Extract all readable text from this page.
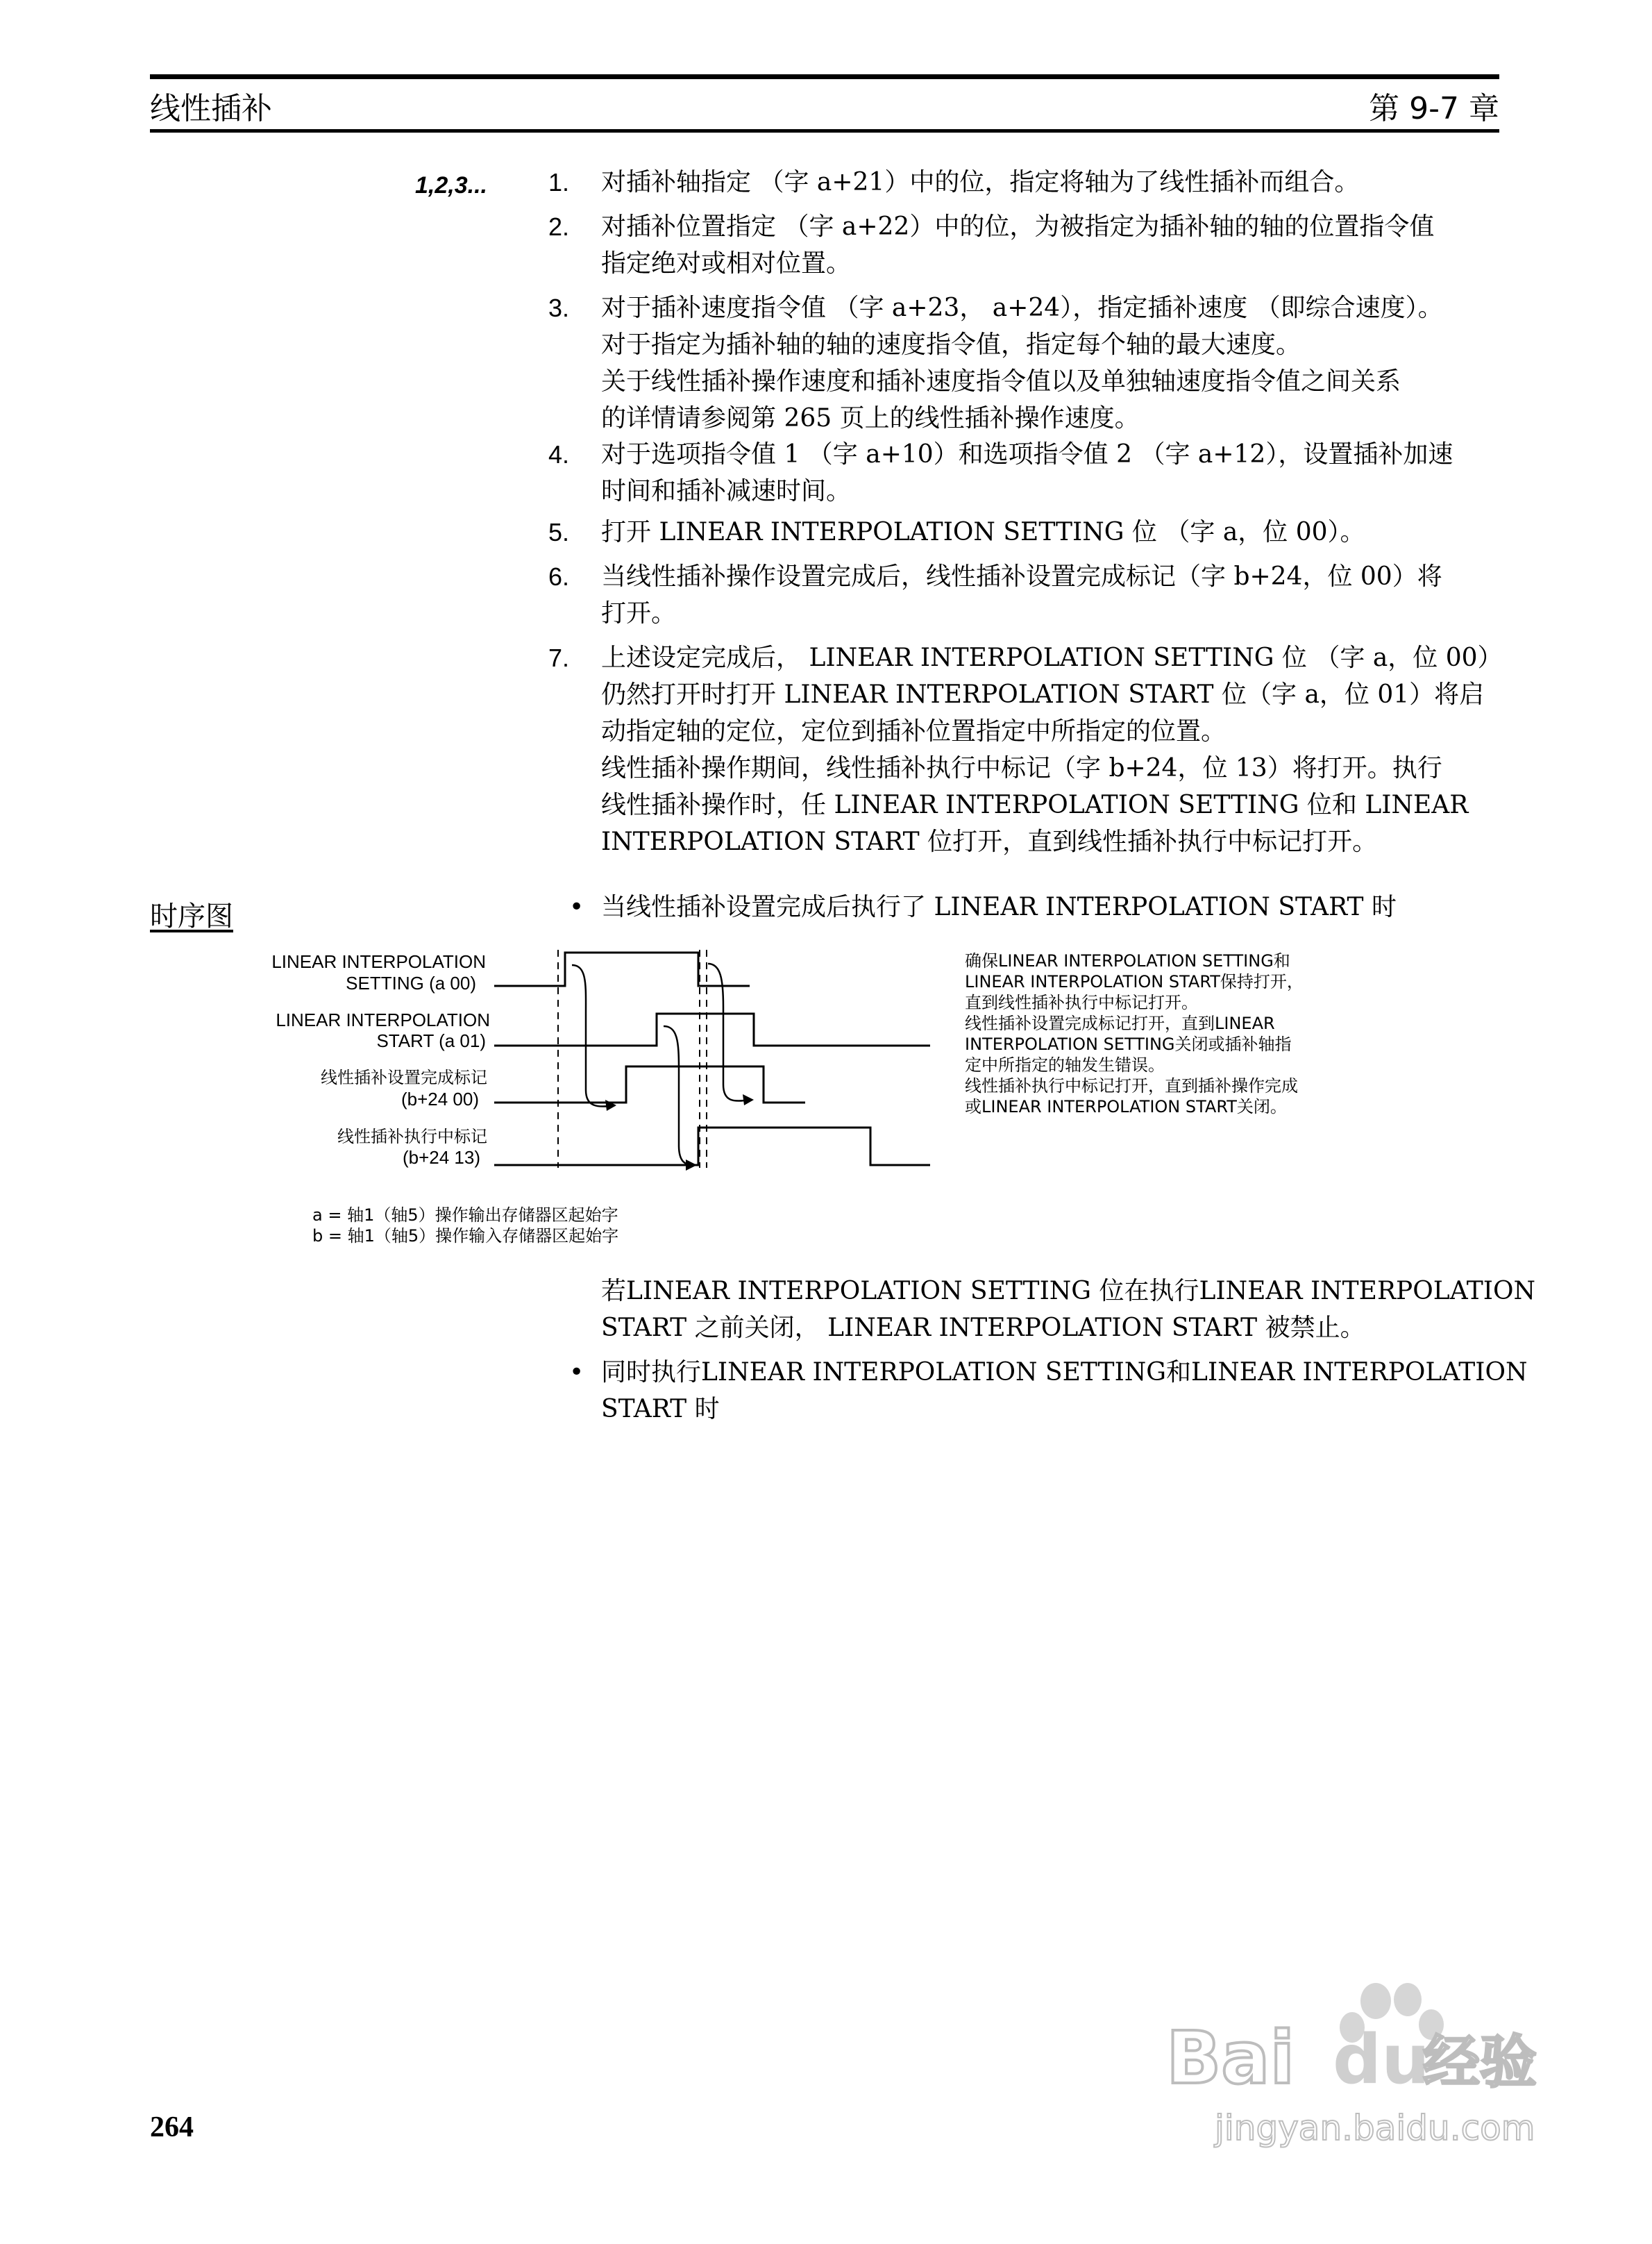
线性插补	第 9-7 章
1,2,3... 1.	对插补轴指定 （字 a+21）中的位，指定将轴为了线性插补而组合。
2.	对插补位置指定 （字 a+22）中的位，为被指定为插补轴的轴的位置指令值
指定绝对或相对位置。
3.	对于插补速度指令值 （字 a+23， a+24），指定插补速度 （即综合速度）。
对于指定为插补轴的轴的速度指令值，指定每个轴的最大速度。
关于线性插补操作速度和插补速度指令值以及单独轴速度指令值之间关系
的详情请参阅第 265 页上的线性插补操作速度。
4.	对于选项指令值 1 （字 a+10）和选项指令值 2 （字 a+12），设置插补加速
时间和插补减速时间。
5.	打开 LINEAR INTERPOLATION SETTING 位 （字 a，位 00）。
6.	当线性插补操作设置完成后，线性插补设置完成标记（字 b+24，位 00）将
打开。
7.	上述设定完成后， LINEAR INTERPOLATION SETTING 位 （字 a，位 00）
仍然打开时打开 LINEAR INTERPOLATION START 位（字 a，位 01）将启
动指定轴的定位，定位到插补位置指定中所指定的位置。
线性插补操作期间，线性插补执行中标记（字 b+24，位 13）将打开。执行
线性插补操作时，任 LINEAR INTERPOLATION SETTING 位和 LINEAR
INTERPOLATION START 位打开，直到线性插补执行中标记打开。
时序图	• 当线性插补设置完成后执行了 LINEAR INTERPOLATION START 时
LINEAR INTERPOLATION
SETTING (a 00)
LINEAR INTERPOLATION
START (a 01)
线性插补设置完成标记
(b+24 00)
线性插补执行中标记
(b+24 13)
确保LINEAR INTERPOLATION SETTING和
LINEAR INTERPOLATION START保持打开，
直到线性插补执行中标记打开。
线性插补设置完成标记打开，直到LINEAR
INTERPOLATION SETTING关闭或插补轴指
定中所指定的轴发生错误。
线性插补执行中标记打开，直到插补操作完成
或LINEAR INTERPOLATION START关闭。
a = 轴1（轴5）操作输出存储器区起始字
b = 轴1（轴5）操作输入存储器区起始字
若LINEAR INTERPOLATION SETTING 位在执行LINEAR INTERPOLATION
START 之前关闭， LINEAR INTERPOLATION START 被禁止。
• 同时执行LINEAR INTERPOLATION SETTING和LINEAR INTERPOLATION
START 时
264
Bai du
经验
jingyan.baidu.com
